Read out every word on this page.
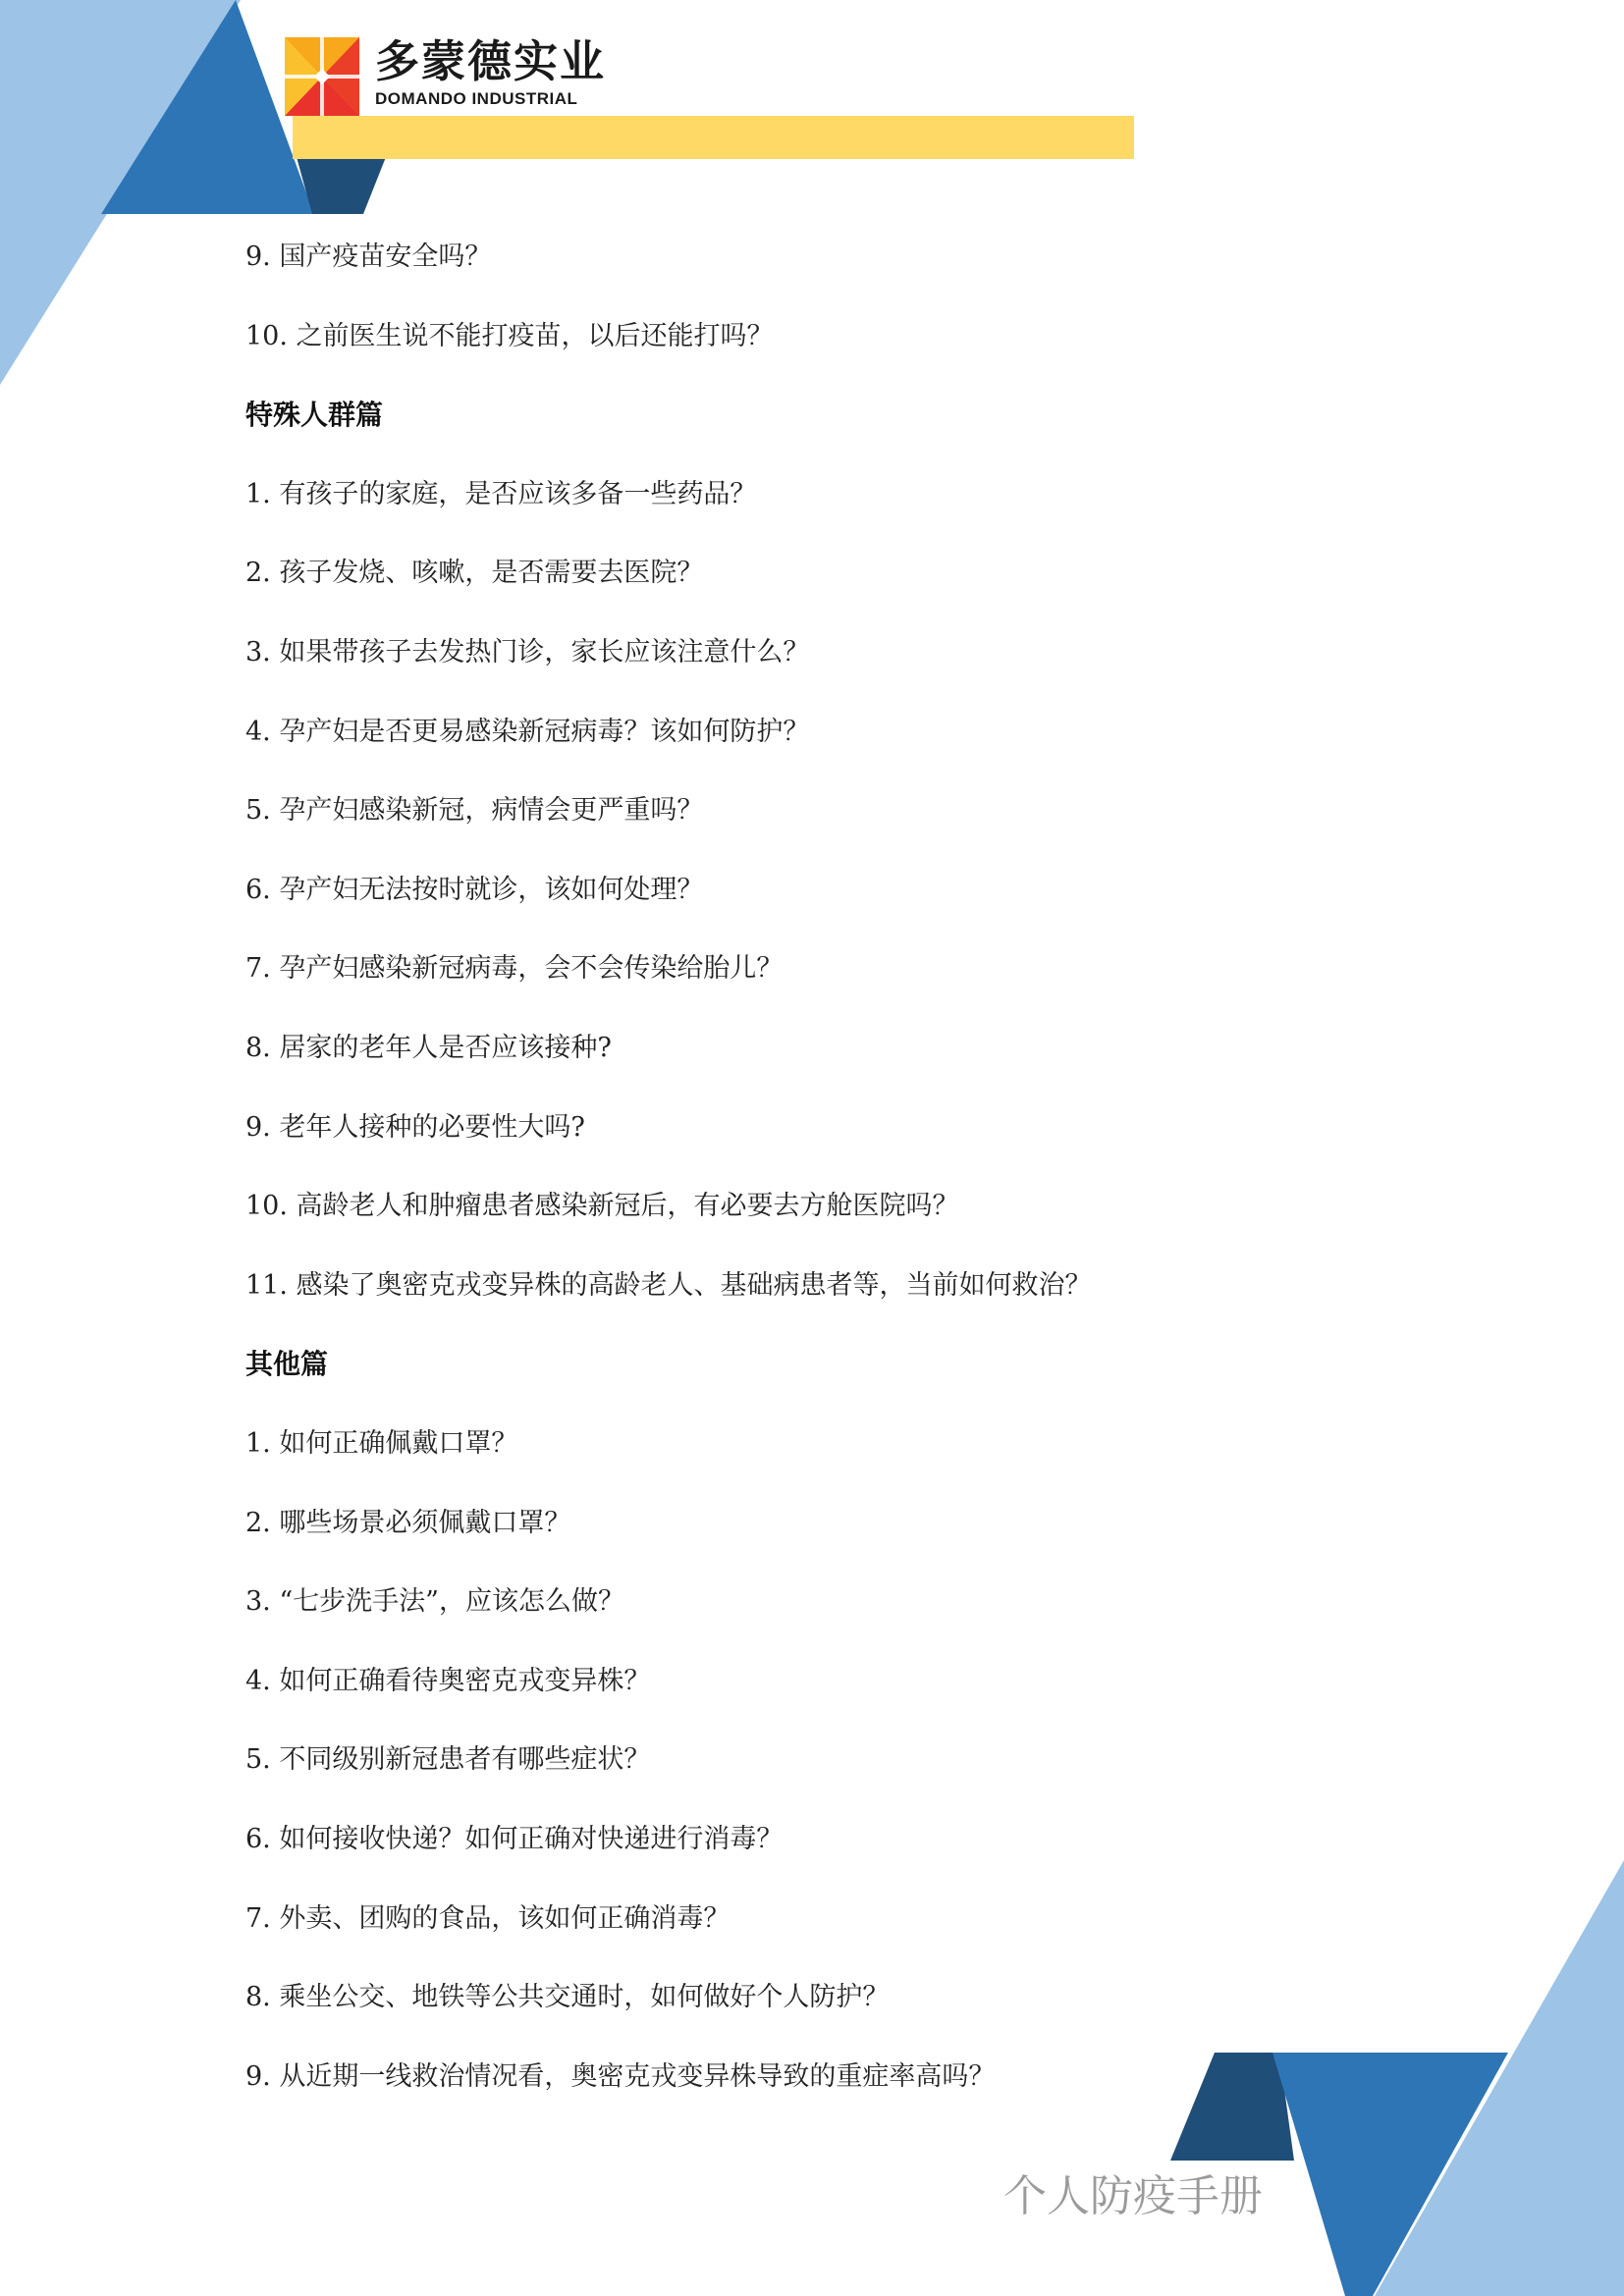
多蒙德实业
DOMANDO INDUSTRIAL
9. 国产疫苗安全吗？
10. 之前医生说不能打疫苗，以后还能打吗？
特殊人群篇
1. 有孩子的家庭，是否应该多备一些药品？
2. 孩子发烧、咳嗽，是否需要去医院？
3. 如果带孩子去发热门诊，家长应该注意什么？
4. 孕产妇是否更易感染新冠病毒？该如何防护？
5. 孕产妇感染新冠，病情会更严重吗？
6. 孕产妇无法按时就诊，该如何处理？
7. 孕产妇感染新冠病毒，会不会传染给胎儿？
8. 居家的老年人是否应该接种?
9. 老年人接种的必要性大吗?
10. 高龄老人和肿瘤患者感染新冠后，有必要去方舱医院吗？
11. 感染了奥密克戎变异株的高龄老人、基础病患者等，当前如何救治？
其他篇
1. 如何正确佩戴口罩？
2. 哪些场景必须佩戴口罩？
3. “七步洗手法”，应该怎么做？
4. 如何正确看待奥密克戎变异株？
5. 不同级别新冠患者有哪些症状？
6. 如何接收快递？如何正确对快递进行消毒？
7. 外卖、团购的食品，该如何正确消毒？
8. 乘坐公交、地铁等公共交通时，如何做好个人防护？
9. 从近期一线救治情况看，奥密克戎变异株导致的重症率高吗？
个人防疫手册
